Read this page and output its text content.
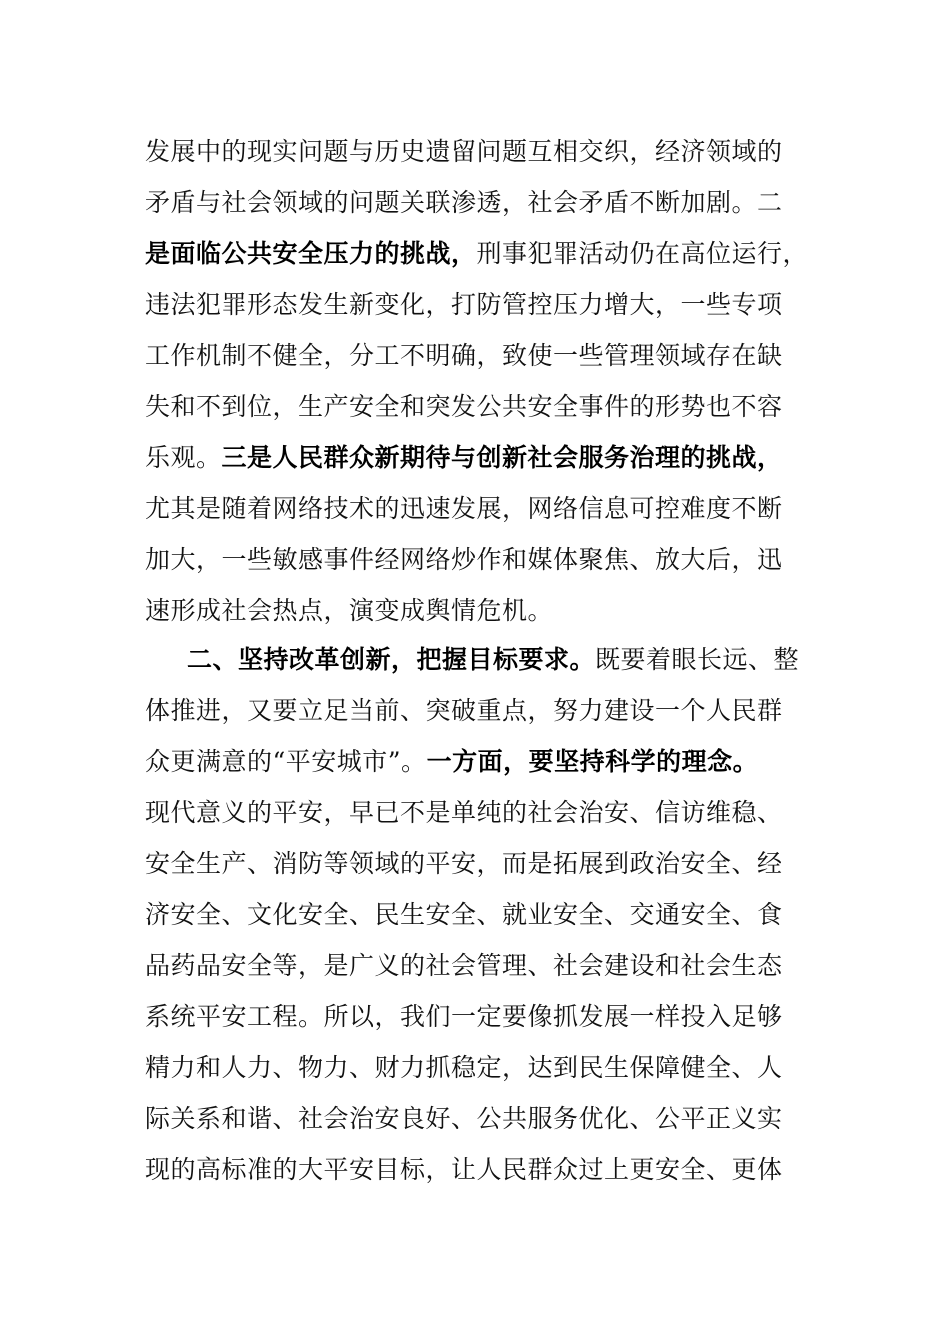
发展中的现实问题与历史遗留问题互相交织，经济领域的
矛盾与社会领域的问题关联渗透，社会矛盾不断加剧。二
是面临公共安全压力的挑战，刑事犯罪活动仍在高位运行，
违法犯罪形态发生新变化，打防管控压力增大，一些专项
工作机制不健全，分工不明确，致使一些管理领域存在缺
失和不到位，生产安全和突发公共安全事件的形势也不容
乐观。三是人民群众新期待与创新社会服务治理的挑战，
尤其是随着网络技术的迅速发展，网络信息可控难度不断
加大，一些敏感事件经网络炒作和媒体聚焦、放大后，迅
速形成社会热点，演变成舆情危机。
二、坚持改革创新，把握目标要求。既要着眼长远、整
体推进，又要立足当前、突破重点，努力建设一个人民群
众更满意的“平安城市”。一方面，要坚持科学的理念。
现代意义的平安，早已不是单纯的社会治安、信访维稳、
安全生产、消防等领域的平安，而是拓展到政治安全、经
济安全、文化安全、民生安全、就业安全、交通安全、食
品药品安全等，是广义的社会管理、社会建设和社会生态
系统平安工程。所以，我们一定要像抓发展一样投入足够
精力和人力、物力、财力抓稳定，达到民生保障健全、人
际关系和谐、社会治安良好、公共服务优化、公平正义实
现的高标准的大平安目标，让人民群众过上更安全、更体
